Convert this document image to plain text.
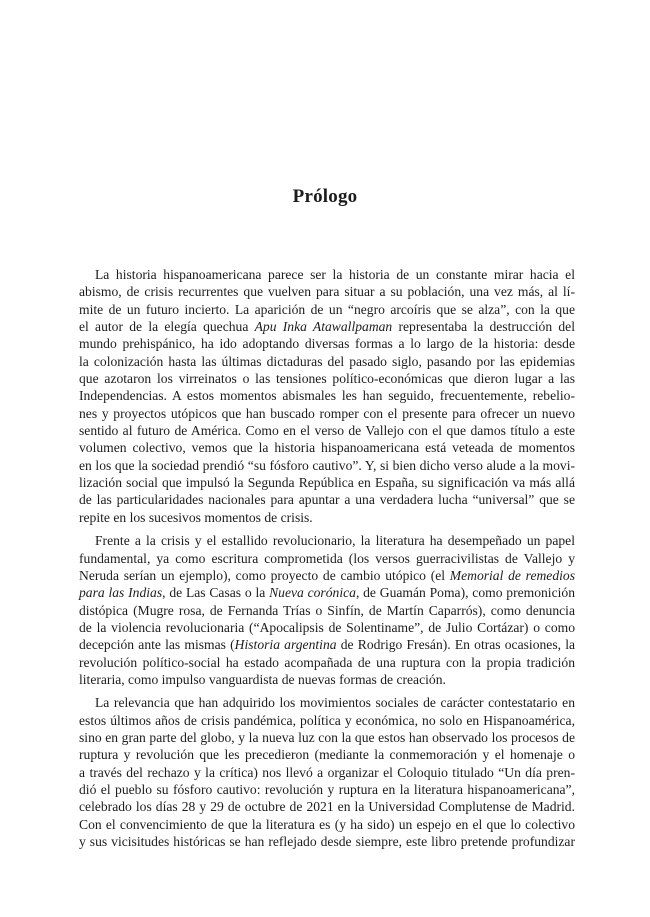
Prólogo
La historia hispanoamericana parece ser la historia de un constante mirar hacia el
abismo, de crisis recurrentes que vuelven para situar a su población, una vez más, al lí-
mite de un futuro incierto. La aparición de un “negro arcoíris que se alza”, con la que
el autor de la elegía quechua Apu Inka Atawallpaman representaba la destrucción del
mundo prehispánico, ha ido adoptando diversas formas a lo largo de la historia: desde
la colonización hasta las últimas dictaduras del pasado siglo, pasando por las epidemias
que azotaron los virreinatos o las tensiones político-económicas que dieron lugar a las
Independencias. A estos momentos abismales les han seguido, frecuentemente, rebelio-
nes y proyectos utópicos que han buscado romper con el presente para ofrecer un nuevo
sentido al futuro de América. Como en el verso de Vallejo con el que damos título a este
volumen colectivo, vemos que la historia hispanoamericana está veteada de momentos
en los que la sociedad prendió “su fósforo cautivo”. Y, si bien dicho verso alude a la movi-
lización social que impulsó la Segunda República en España, su significación va más allá
de las particularidades nacionales para apuntar a una verdadera lucha “universal” que se
repite en los sucesivos momentos de crisis.
Frente a la crisis y el estallido revolucionario, la literatura ha desempeñado un papel
fundamental, ya como escritura comprometida (los versos guerracivilistas de Vallejo y
Neruda serían un ejemplo), como proyecto de cambio utópico (el Memorial de remedios
para las Indias, de Las Casas o la Nueva corónica, de Guamán Poma), como premonición
distópica (Mugre rosa, de Fernanda Trías o Sinfín, de Martín Caparrós), como denuncia
de la violencia revolucionaria (“Apocalipsis de Solentiname”, de Julio Cortázar) o como
decepción ante las mismas (Historia argentina de Rodrigo Fresán). En otras ocasiones, la
revolución político-social ha estado acompañada de una ruptura con la propia tradición
literaria, como impulso vanguardista de nuevas formas de creación.
La relevancia que han adquirido los movimientos sociales de carácter contestatario en
estos últimos años de crisis pandémica, política y económica, no solo en Hispanoamérica,
sino en gran parte del globo, y la nueva luz con la que estos han observado los procesos de
ruptura y revolución que les precedieron (mediante la conmemoración y el homenaje o
a través del rechazo y la crítica) nos llevó a organizar el Coloquio titulado “Un día pren-
dió el pueblo su fósforo cautivo: revolución y ruptura en la literatura hispanoamericana”,
celebrado los días 28 y 29 de octubre de 2021 en la Universidad Complutense de Madrid.
Con el convencimiento de que la literatura es (y ha sido) un espejo en el que lo colectivo
y sus vicisitudes históricas se han reflejado desde siempre, este libro pretende profundizar
